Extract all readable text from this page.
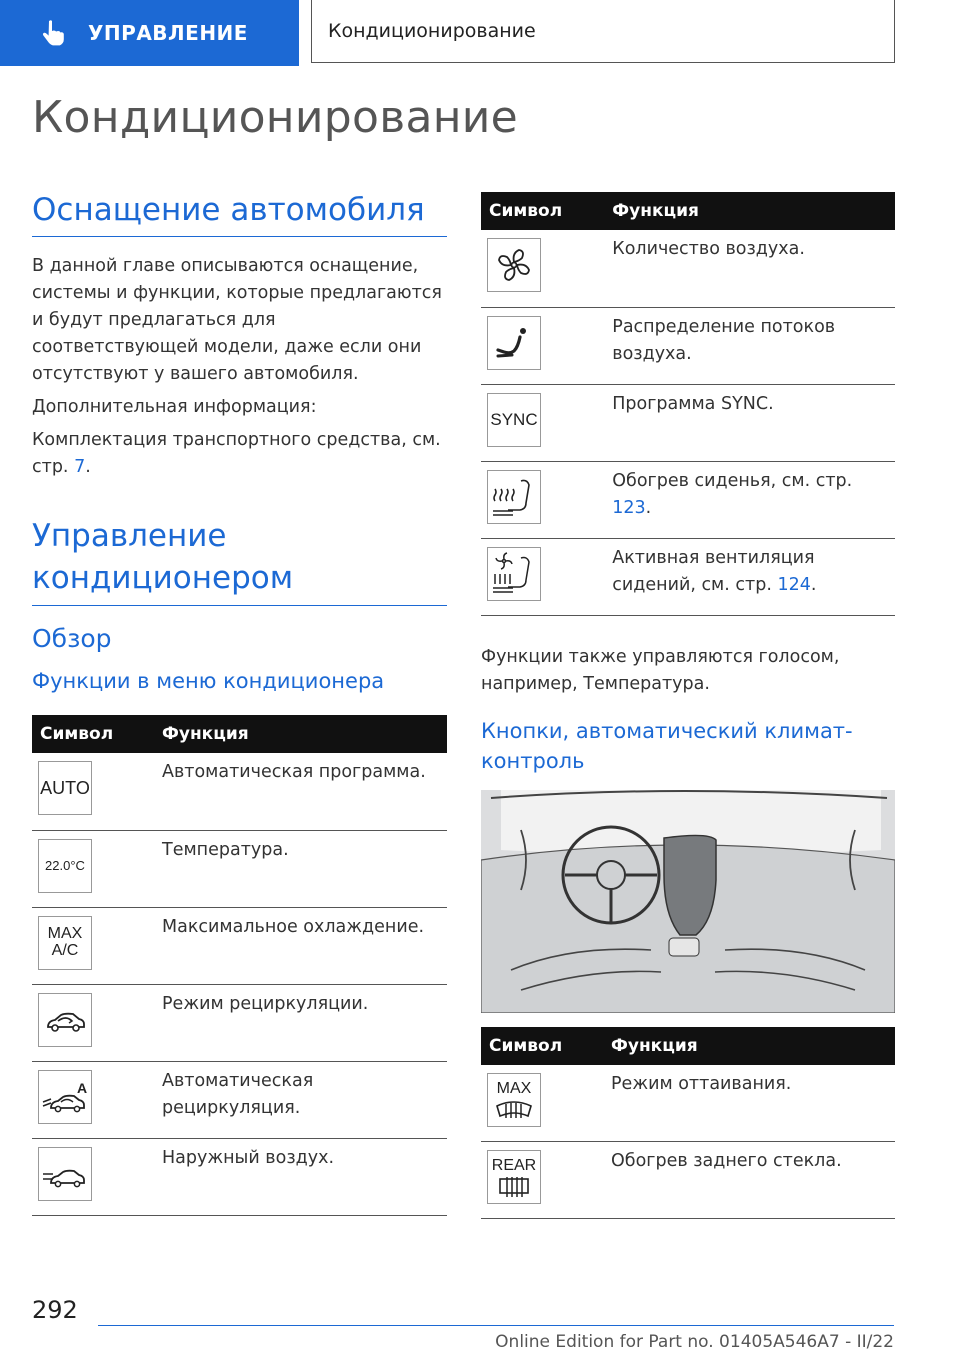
УПРАВЛЕНИЕ	Кондиционирование
Кондиционирование
Оснащение автомобиля
В данной главе описываются оснащение, системы и функции, которые предлагаются и будут предлагаться для соответствующей модели, даже если они отсутствуют у вашего автомобиля.
Дополнительная информация:
Комплектация транспортного средства, см. стр. 7.
Управление кондиционером
Обзор
Функции в меню кондиционера
Символ	Функция

AUTO	Автоматическая программа.

22.0°C	Температура.

MAX A/C	Максимальное охлаждение.

	Режим рециркуляции.

A	Автоматическая рециркуляция.

	Наружный воздух.
Символ	Функция

	Количество воздуха.

	Распределение потоков воздуха.

SYNC	Программа SYNC.

	Обогрев сиденья, см. стр. 123.

	Активная вентиляция сидений, см. стр. 124.
Функции также управляются голосом, например, Температура.
Кнопки, автоматический климат-контроль
Символ	Функция

MAX	Режим оттаивания.

REAR	Обогрев заднего стекла.
292
Online Edition for Part no. 01405A546A7 - II/22
